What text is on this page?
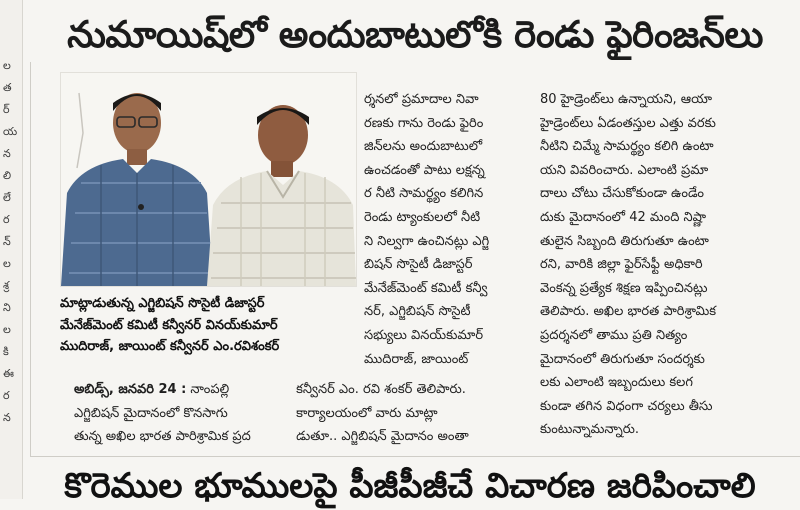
ల
త
ర్
య
న
లి
లే
ర
న్
ల
శ్ర
ని
ల
కి
ఈ
ర
న
నుమాయిష్‌లో అందుబాటులోకి రెండు ఫైరింజన్‌లు
మాట్లాడుతున్న ఎగ్జిబిషన్ సొసైటీ డిజాస్టర్
మేనేజ్‌మెంట్ కమిటీ కన్వీనర్ వినయ్‌కుమార్
ముదిరాజ్, జాయింట్ కన్వీనర్ ఎం.రవిశంకర్
ర్శనలో ప్రమాదాల నివా
రణకు గాను రెండు ఫైరిం
జిన్‌లను అందుబాటులో
ఉంచడంతో పాటు లక్షన్న
ర నీటి సామర్థ్యం కలిగిన
రెండు ట్యాంకులలో నీటి
ని నిల్వగా ఉంచినట్లు ఎగ్జి
బిషన్ సొసైటీ డిజాస్టర్
మేనేజ్‌మెంట్ కమిటీ కన్వీ
నర్, ఎగ్జిబిషన్ సొసైటీ
సభ్యులు వినయ్‌కుమార్
ముదిరాజ్, జాయింట్
80 హైడ్రెంట్‌లు ఉన్నాయని, ఆయా
హైడ్రెంట్‌లు ఏడంతస్తుల ఎత్తు వరకు
నీటిని చిమ్మే సామర్థ్యం కలిగి ఉంటా
యని వివరించారు. ఎలాంటి ప్రమా
దాలు చోటు చేసుకోకుండా ఉండేం
దుకు మైదానంలో 42 మంది నిష్ణా
తులైన సిబ్బంది తిరుగుతూ ఉంటా
రని, వారికి జిల్లా ఫైర్‌సేఫ్టీ అధికారి
వెంకన్న ప్రత్యేక శిక్షణ ఇప్పించినట్లు
తెలిపారు. అఖిల భారత పారిశ్రామిక
ప్రదర్శనలో తాము ప్రతి నిత్యం
మైదానంలో తిరుగుతూ సందర్శకు
లకు ఎలాంటి ఇబ్బందులు కలగ
కుండా తగిన విధంగా చర్యలు తీసు
కుంటున్నామన్నారు.
అబిడ్స్, జనవరి 24 : నాంపల్లి	కన్వీనర్ ఎం. రవి శంకర్ తెలిపారు.
ఎగ్జిబిషన్ మైదానంలో కొనసాగు	కార్యాలయంలో వారు మాట్లా
తున్న అఖిల భారత పారిశ్రామిక ప్రద	డుతూ.. ఎగ్జిబిషన్ మైదానం అంతా
కొరెముల భూములపై పీజీపీజీచే విచారణ జరిపించాలి
